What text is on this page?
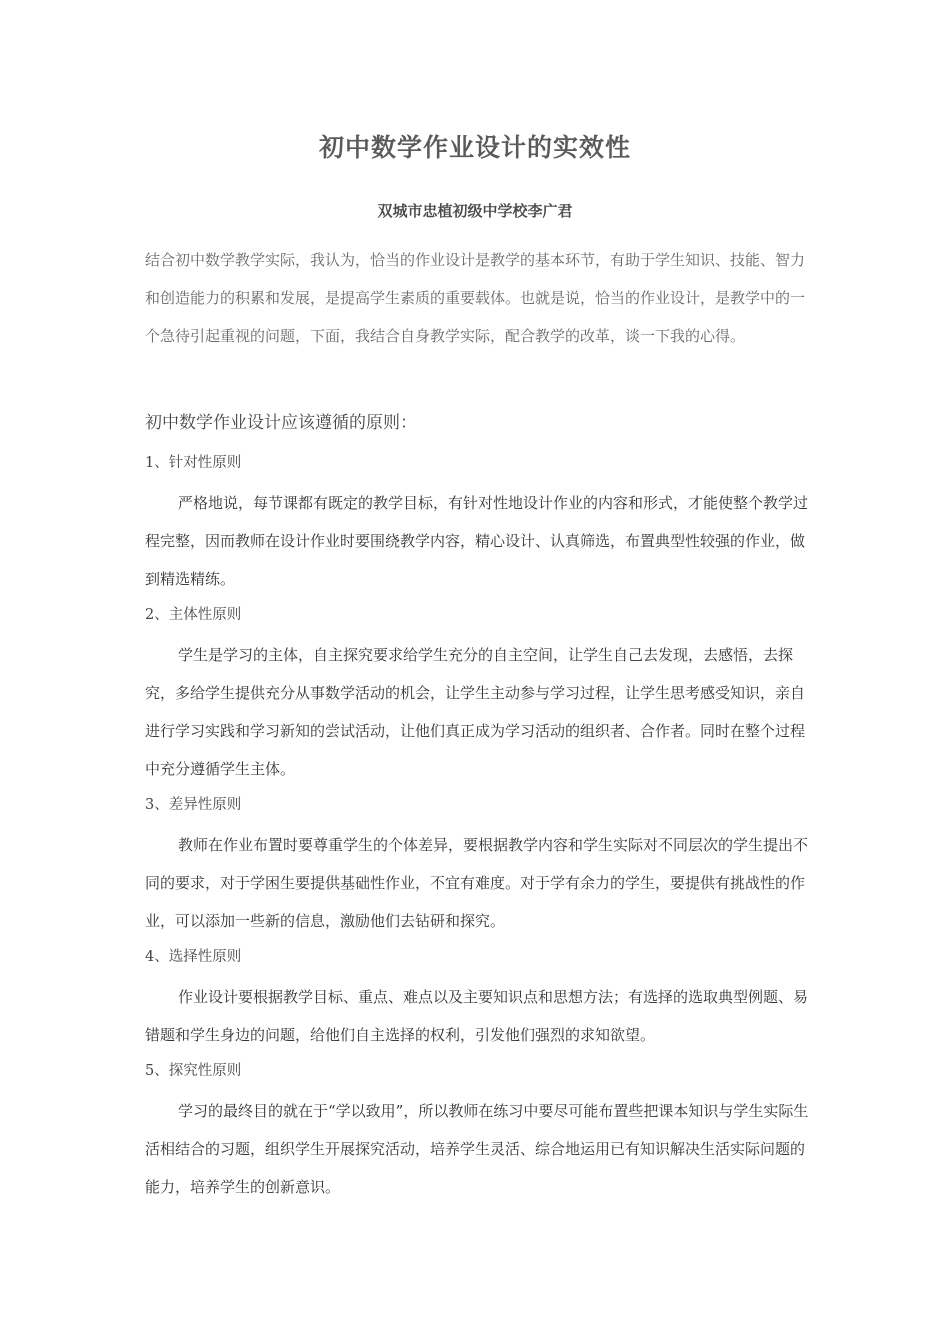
初中数学作业设计的实效性
双城市忠植初级中学校李广君
结合初中数学教学实际，我认为，恰当的作业设计是教学的基本环节，有助于学生知识、技能、智力和创造能力的积累和发展，是提高学生素质的重要载体。也就是说，恰当的作业设计，是教学中的一个急待引起重视的问题，下面，我结合自身教学实际，配合教学的改革，谈一下我的心得。
初中数学作业设计应该遵循的原则：
1、针对性原则
严格地说，每节课都有既定的教学目标，有针对性地设计作业的内容和形式，才能使整个教学过程完整，因而教师在设计作业时要围绕教学内容，精心设计、认真筛选，布置典型性较强的作业，做到精选精练。
2、主体性原则
学生是学习的主体，自主探究要求给学生充分的自主空间，让学生自己去发现，去感悟，去探究，多给学生提供充分从事数学活动的机会，让学生主动参与学习过程，让学生思考感受知识，亲自进行学习实践和学习新知的尝试活动，让他们真正成为学习活动的组织者、合作者。同时在整个过程中充分遵循学生主体。
3、差异性原则
教师在作业布置时要尊重学生的个体差异，要根据教学内容和学生实际对不同层次的学生提出不同的要求，对于学困生要提供基础性作业，不宜有难度。对于学有余力的学生，要提供有挑战性的作业，可以添加一些新的信息，激励他们去钻研和探究。
4、选择性原则
作业设计要根据教学目标、重点、难点以及主要知识点和思想方法；有选择的选取典型例题、易错题和学生身边的问题，给他们自主选择的权利，引发他们强烈的求知欲望。
5、探究性原则
学习的最终目的就在于“学以致用”，所以教师在练习中要尽可能布置些把课本知识与学生实际生活相结合的习题，组织学生开展探究活动，培养学生灵活、综合地运用已有知识解决生活实际问题的能力，培养学生的创新意识。
